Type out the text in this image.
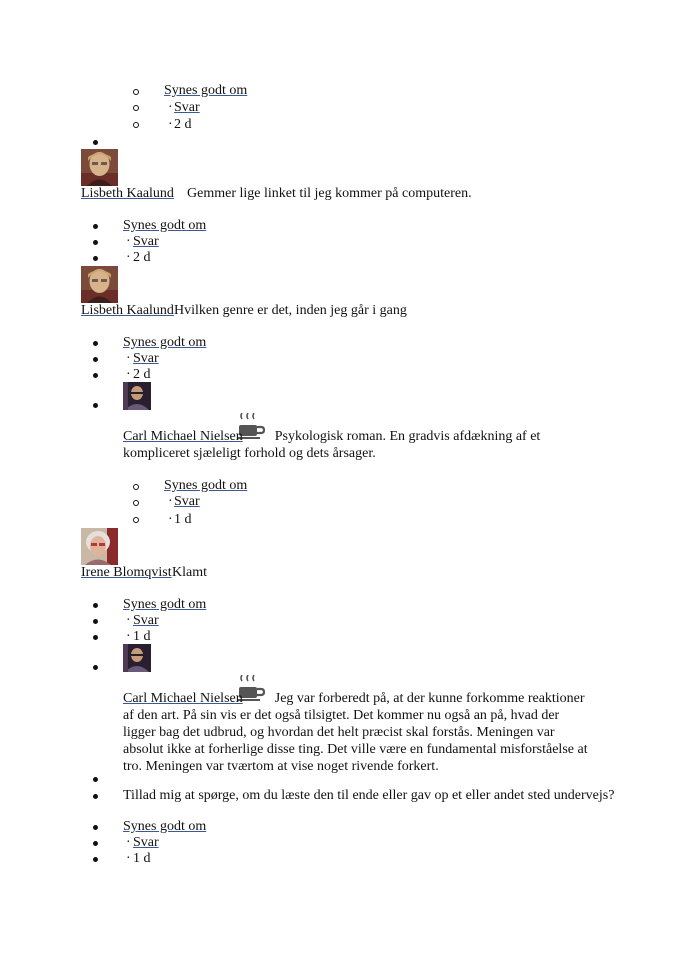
Synes godt om
· Svar
· 2 d
Lisbeth Kaalund Gemmer lige linket til jeg kommer på computeren.
Synes godt om
· Svar
· 2 d
Lisbeth Kaalund Hvilken genre er det, inden jeg går i gang
Synes godt om
· Svar
· 2 d
Carl Michael Nielsen Psykologisk roman. En gradvis afdækning af et kompliceret sjæleligt forhold og dets årsager.
Synes godt om
· Svar
· 1 d
Irene Blomqvist Klamt
Synes godt om
· Svar
· 1 d
Carl Michael Nielsen Jeg var forberedt på, at der kunne forkomme reaktioner af den art. På sin vis er det også tilsigtet. Det kommer nu også an på, hvad der ligger bag det udbrud, og hvordan det helt præcist skal forstås. Meningen var absolut ikke at forherlige disse ting. Det ville være en fundamental misforståelse at tro. Meningen var tværtom at vise noget rivende forkert.
Tillad mig at spørge, om du læste den til ende eller gav op et eller andet sted undervejs?
Synes godt om
· Svar
· 1 d
